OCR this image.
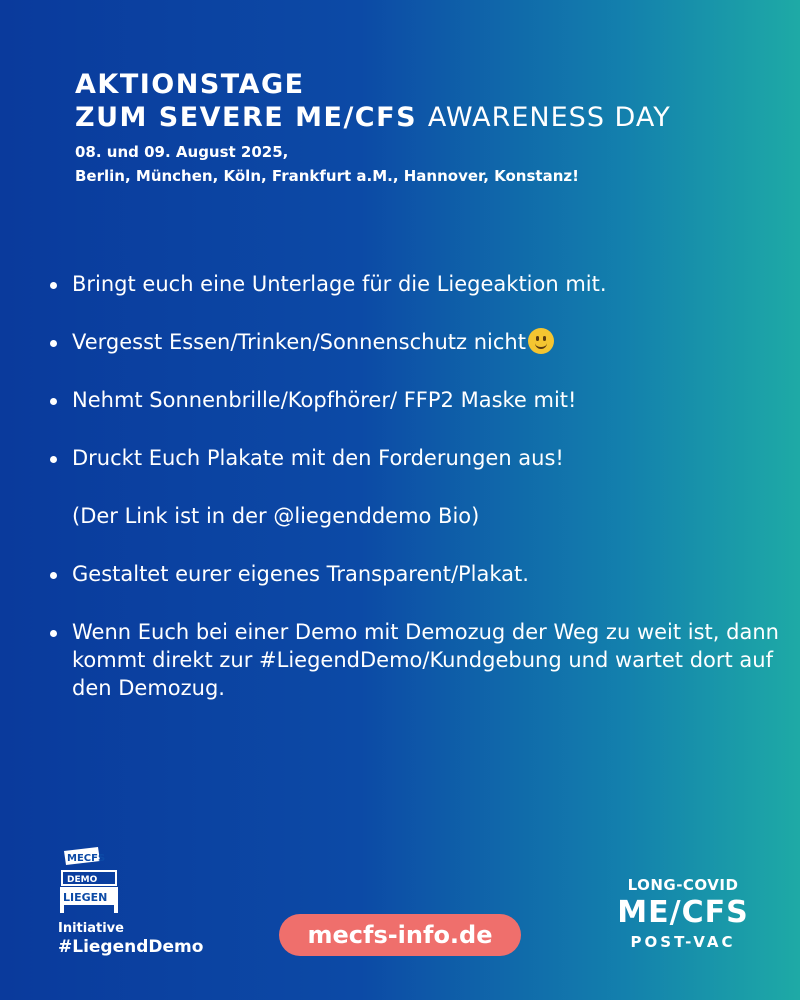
AKTIONSTAGE

ZUM SEVERE ME/CFS AWARENESS DAY

08. und 09. August 2025,
Berlin, München, Köln, Frankfurt a.M., Hannover, Konstanz!
Bringt euch eine Unterlage für die Liegeaktion mit.
Vergesst Essen/Trinken/Sonnenschutz nicht
Nehmt Sonnenbrille/Kopfhörer/ FFP2 Maske mit!
Druckt Euch Plakate mit den Forderungen aus!
(Der Link ist in der @liegenddemo Bio)
Gestaltet eurer eigenes Transparent/Plakat.
Wenn Euch bei einer Demo mit Demozug der Weg zu weit ist, dann kommt direkt zur #LiegendDemo/Kundgebung und wartet dort auf den Demozug.
MECFS
DEMO
LIEGEN
Initiative
#LiegendDemo	mecfs-info.de
LONG-COVID
ME/CFS
POST-VAC
